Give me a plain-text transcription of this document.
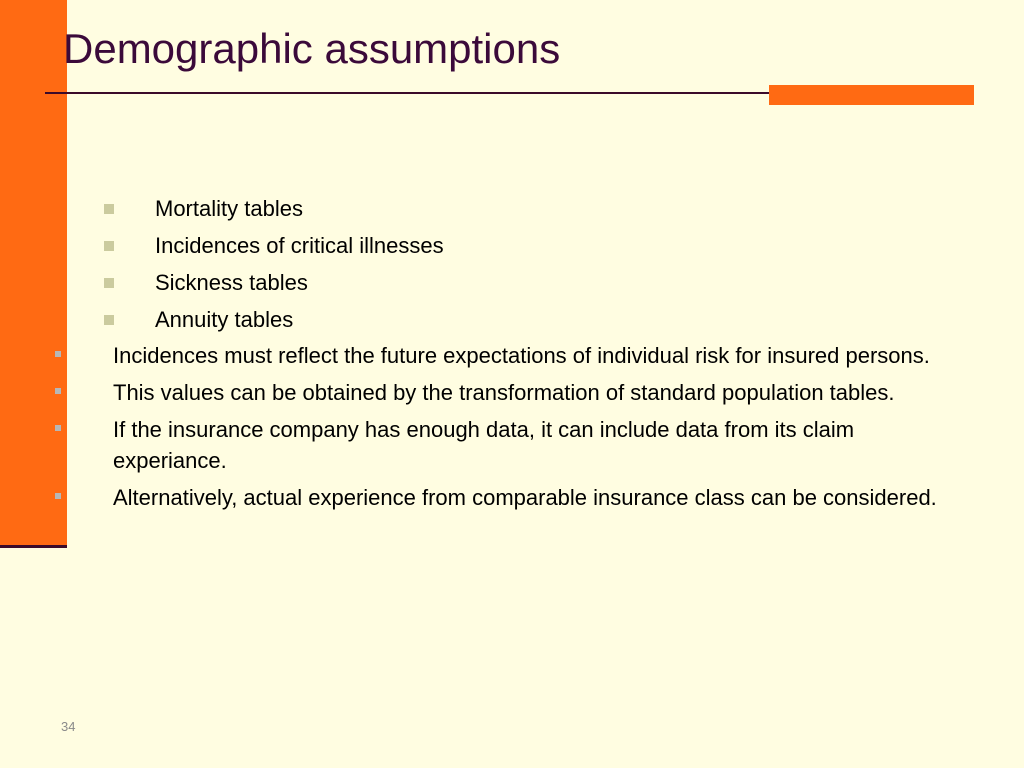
Demographic assumptions
Mortality tables
Incidences of critical illnesses
Sickness tables
Annuity tables
Incidences must reflect the future expectations of individual risk for insured persons.
This values can be obtained by the transformation of standard population tables.
If the insurance company has enough data, it can include data from its claim experiance.
Alternatively, actual experience from comparable insurance class can be considered.
34
